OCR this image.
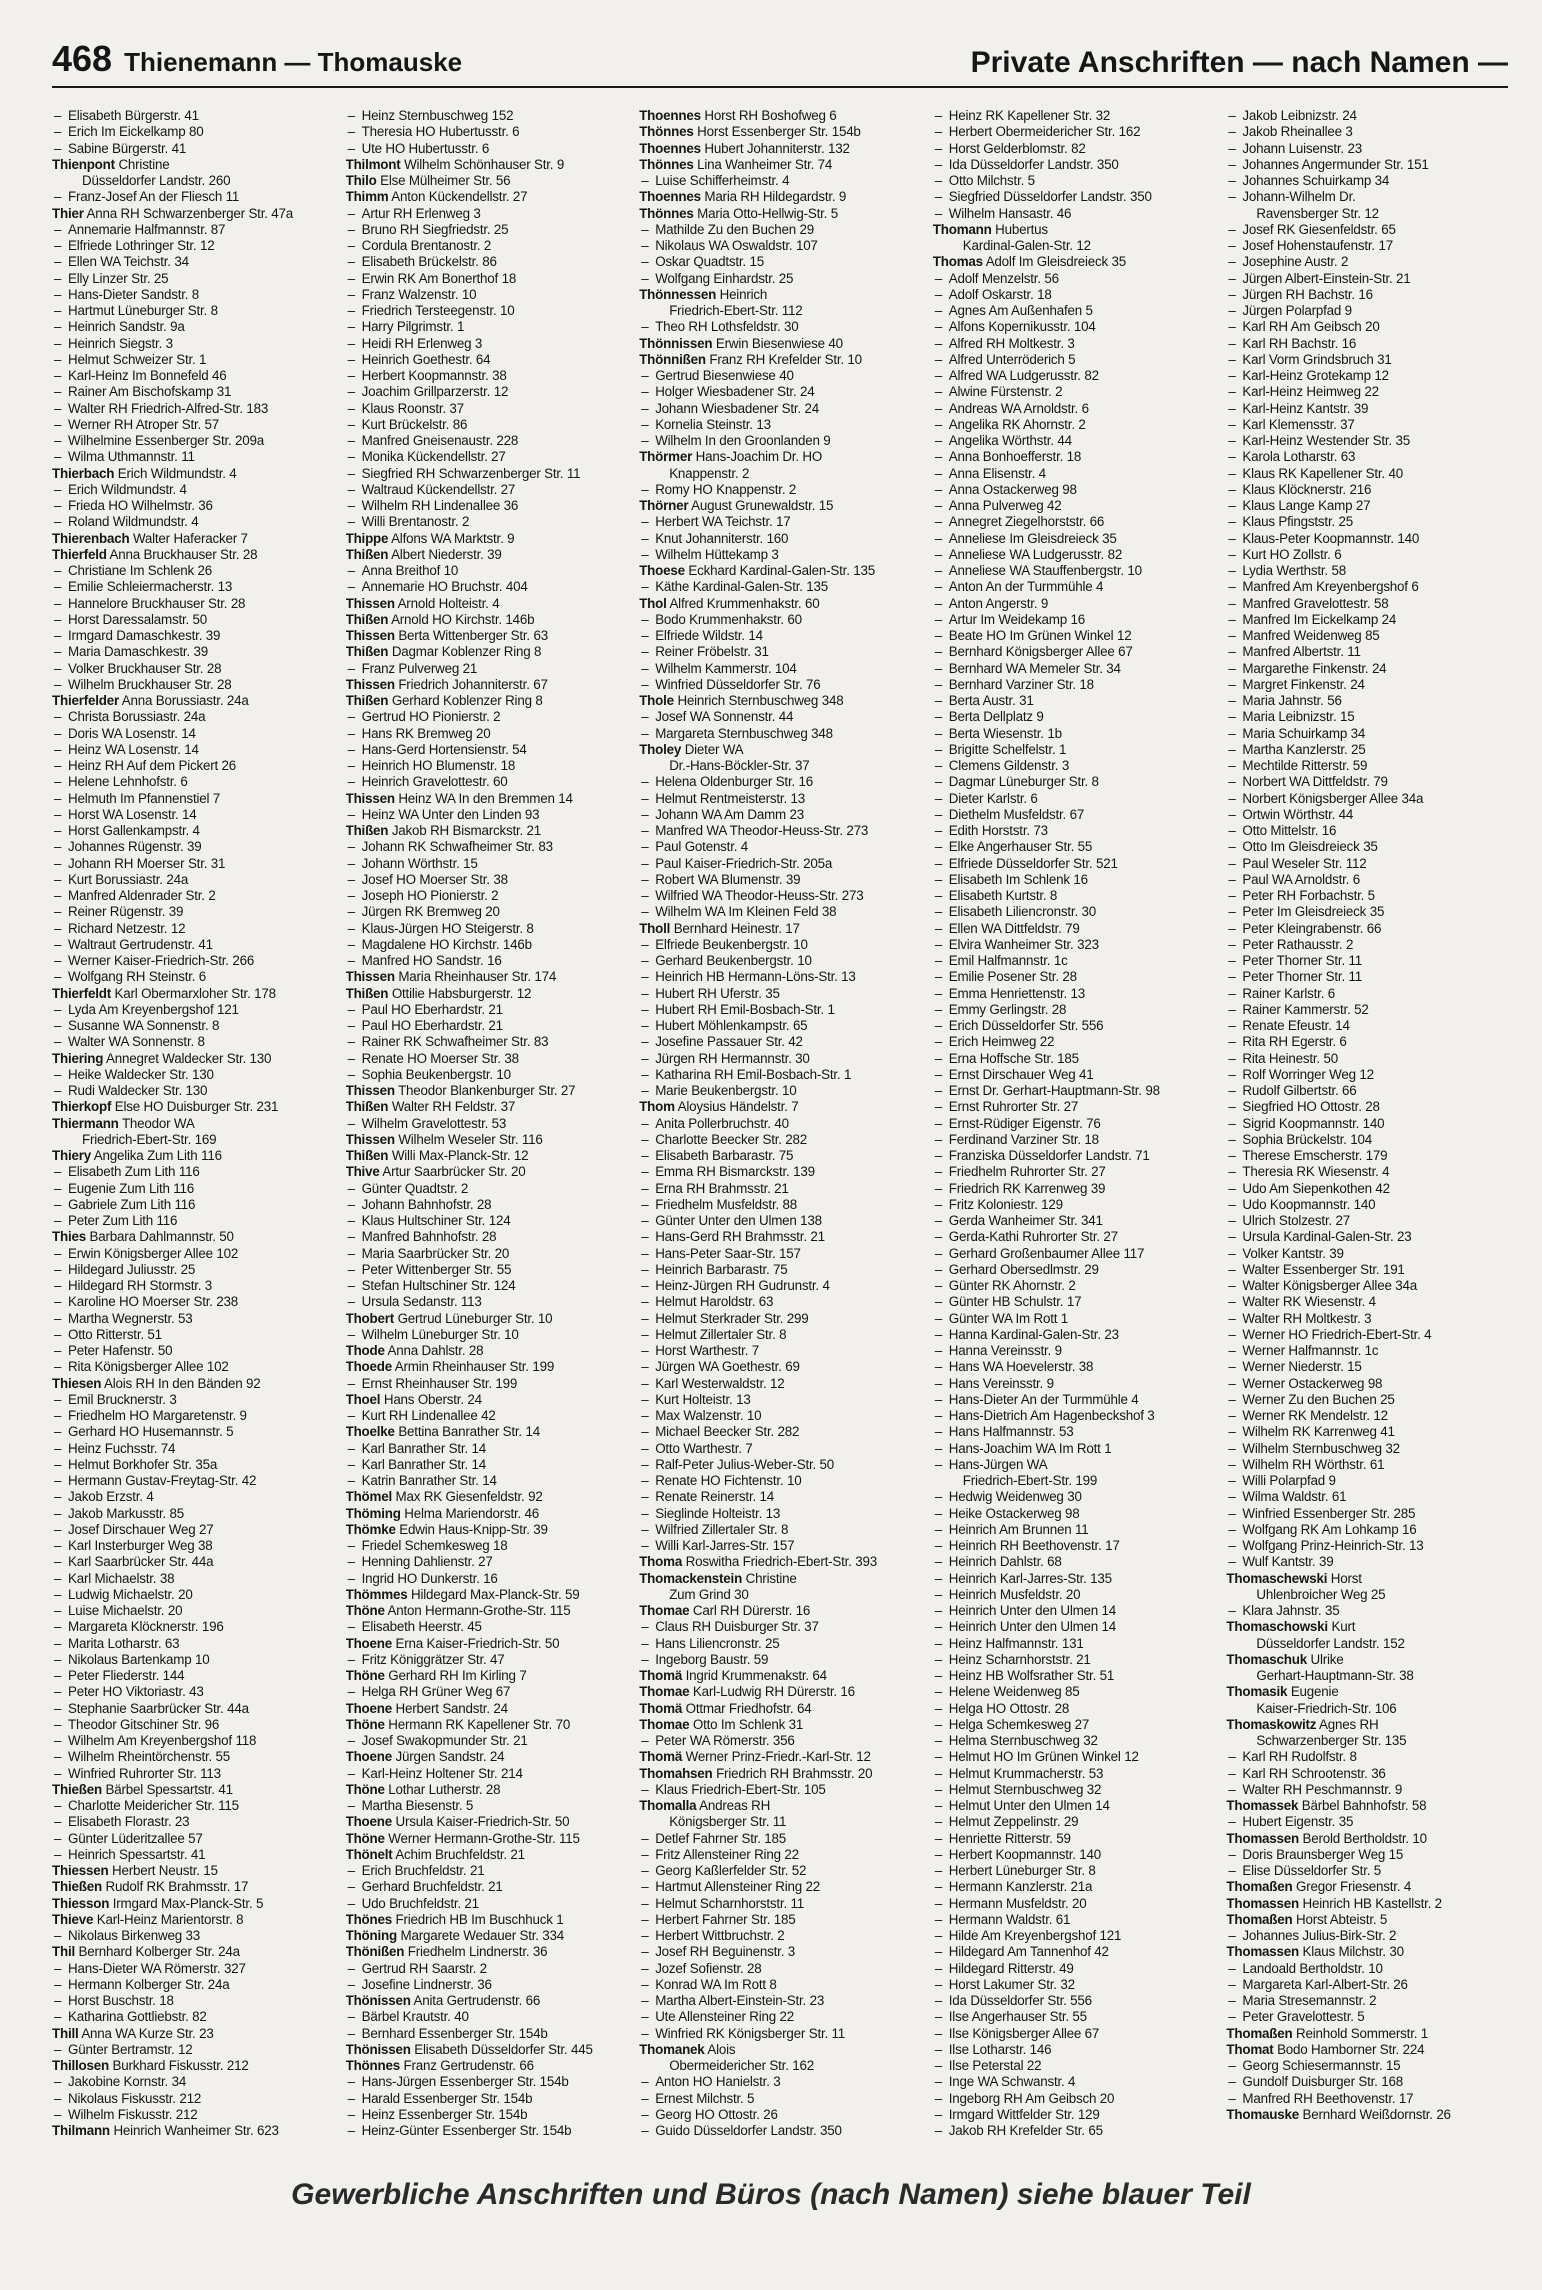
468 Thienemann — Thomauske	Private Anschriften — nach Namen —
– Elisabeth Bürgerstr. 41
– Erich Im Eickelkamp 80
– Sabine Bürgerstr. 41
Thienpont Christine
Düsseldorfer Landstr. 260
– Franz-Josef An der Fliesch 11
Thier Anna RH Schwarzenberger Str. 47a
– Annemarie Halfmannstr. 87
– Elfriede Lothringer Str. 12
– Ellen WA Teichstr. 34
– Elly Linzer Str. 25
– Hans-Dieter Sandstr. 8
– Hartmut Lüneburger Str. 8
– Heinrich Sandstr. 9a
– Heinrich Siegstr. 3
– Helmut Schweizer Str. 1
– Karl-Heinz Im Bonnefeld 46
– Rainer Am Bischofskamp 31
– Walter RH Friedrich-Alfred-Str. 183
– Werner RH Atroper Str. 57
– Wilhelmine Essenberger Str. 209a
– Wilma Uthmannstr. 11
Thierbach Erich Wildmundstr. 4
– Erich Wildmundstr. 4
– Frieda HO Wilhelmstr. 36
– Roland Wildmundstr. 4
Thierenbach Walter Haferacker 7
Thierfeld Anna Bruckhauser Str. 28
– Christiane Im Schlenk 26
– Emilie Schleiermacherstr. 13
– Hannelore Bruckhauser Str. 28
– Horst Daressalamstr. 50
– Irmgard Damaschkestr. 39
– Maria Damaschkestr. 39
– Volker Bruckhauser Str. 28
– Wilhelm Bruckhauser Str. 28
Thierfelder Anna Borussiastr. 24a
– Christa Borussiastr. 24a
– Doris WA Losenstr. 14
– Heinz WA Losenstr. 14
– Heinz RH Auf dem Pickert 26
– Helene Lehnhofstr. 6
– Helmuth Im Pfannenstiel 7
– Horst WA Losenstr. 14
– Horst Gallenkampstr. 4
– Johannes Rügenstr. 39
– Johann RH Moerser Str. 31
– Kurt Borussiastr. 24a
– Manfred Aldenrader Str. 2
– Reiner Rügenstr. 39
– Richard Netzestr. 12
– Waltraut Gertrudenstr. 41
– Werner Kaiser-Friedrich-Str. 266
– Wolfgang RH Steinstr. 6
Thierfeldt Karl Obermarxloher Str. 178
– Lyda Am Kreyenbergshof 121
– Susanne WA Sonnenstr. 8
– Walter WA Sonnenstr. 8
Thiering Annegret Waldecker Str. 130
– Heike Waldecker Str. 130
– Rudi Waldecker Str. 130
Thierkopf Else HO Duisburger Str. 231
Thiermann Theodor WA
Friedrich-Ebert-Str. 169
Thiery Angelika Zum Lith 116
– Elisabeth Zum Lith 116
– Eugenie Zum Lith 116
– Gabriele Zum Lith 116
– Peter Zum Lith 116
Thies Barbara Dahlmannstr. 50
– Erwin Königsberger Allee 102
– Hildegard Juliusstr. 25
– Hildegard RH Stormstr. 3
– Karoline HO Moerser Str. 238
– Martha Wegnerstr. 53
– Otto Ritterstr. 51
– Peter Hafenstr. 50
– Rita Königsberger Allee 102
Thiesen Alois RH In den Bänden 92
– Emil Brucknerstr. 3
– Friedhelm HO Margaretenstr. 9
– Gerhard HO Husemannstr. 5
– Heinz Fuchsstr. 74
– Helmut Borkhofer Str. 35a
– Hermann Gustav-Freytag-Str. 42
– Jakob Erzstr. 4
– Jakob Markusstr. 85
– Josef Dirschauer Weg 27
– Karl Insterburger Weg 38
– Karl Saarbrücker Str. 44a
– Karl Michaelstr. 38
– Ludwig Michaelstr. 20
– Luise Michaelstr. 20
– Margareta Klöcknerstr. 196
– Marita Lotharstr. 63
– Nikolaus Bartenkamp 10
– Peter Fliederstr. 144
– Peter HO Viktoriastr. 43
– Stephanie Saarbrücker Str. 44a
– Theodor Gitschiner Str. 96
– Wilhelm Am Kreyenbergshof 118
– Wilhelm Rheintörchenstr. 55
– Winfried Ruhrorter Str. 113
Thießen Bärbel Spessartstr. 41
– Charlotte Meidericher Str. 115
– Elisabeth Florastr. 23
– Günter Lüderitzallee 57
– Heinrich Spessartstr. 41
Thiessen Herbert Neustr. 15
Thießen Rudolf RK Brahmsstr. 17
Thiesson Irmgard Max-Planck-Str. 5
Thieve Karl-Heinz Marientorstr. 8
– Nikolaus Birkenweg 33
Thil Bernhard Kolberger Str. 24a
– Hans-Dieter WA Römerstr. 327
– Hermann Kolberger Str. 24a
– Horst Buschstr. 18
– Katharina Gottliebstr. 82
Thill Anna WA Kurze Str. 23
– Günter Bertramstr. 12
Thillosen Burkhard Fiskusstr. 212
– Jakobine Kornstr. 34
– Nikolaus Fiskusstr. 212
– Wilhelm Fiskusstr. 212
Thilmann Heinrich Wanheimer Str. 623
– Heinz Sternbuschweg 152
– Theresia HO Hubertusstr. 6
– Ute HO Hubertusstr. 6
Thilmont Wilhelm Schönhauser Str. 9
Thilo Else Mülheimer Str. 56
Thimm Anton Kückendellstr. 27
– Artur RH Erlenweg 3
– Bruno RH Siegfriedstr. 25
– Cordula Brentanostr. 2
– Elisabeth Brückelstr. 86
– Erwin RK Am Bonerthof 18
– Franz Walzenstr. 10
– Friedrich Tersteegenstr. 10
– Harry Pilgrimstr. 1
– Heidi RH Erlenweg 3
– Heinrich Goethestr. 64
– Herbert Koopmannstr. 38
– Joachim Grillparzerstr. 12
– Klaus Roonstr. 37
– Kurt Brückelstr. 86
– Manfred Gneisenaustr. 228
– Monika Kückendellstr. 27
– Siegfried RH Schwarzenberger Str. 11
– Waltraud Kückendellstr. 27
– Wilhelm RH Lindenallee 36
– Willi Brentanostr. 2
Thippe Alfons WA Marktstr. 9
Thißen Albert Niederstr. 39
– Anna Breithof 10
– Annemarie HO Bruchstr. 404
Thissen Arnold Holteistr. 4
Thißen Arnold HO Kirchstr. 146b
Thissen Berta Wittenberger Str. 63
Thißen Dagmar Koblenzer Ring 8
– Franz Pulverweg 21
Thissen Friedrich Johanniterstr. 67
Thißen Gerhard Koblenzer Ring 8
– Gertrud HO Pionierstr. 2
– Hans RK Bremweg 20
– Hans-Gerd Hortensienstr. 54
– Heinrich HO Blumenstr. 18
– Heinrich Gravelottestr. 60
Thissen Heinz WA In den Bremmen 14
– Heinz WA Unter den Linden 93
Thißen Jakob RH Bismarckstr. 21
– Johann RK Schwafheimer Str. 83
– Johann Wörthstr. 15
– Josef HO Moerser Str. 38
– Joseph HO Pionierstr. 2
– Jürgen RK Bremweg 20
– Klaus-Jürgen HO Steigerstr. 8
– Magdalene HO Kirchstr. 146b
– Manfred HO Sandstr. 16
Thissen Maria Rheinhauser Str. 174
Thißen Ottilie Habsburgerstr. 12
– Paul HO Eberhardstr. 21
– Paul HO Eberhardstr. 21
– Rainer RK Schwafheimer Str. 83
– Renate HO Moerser Str. 38
– Sophia Beukenbergstr. 10
Thissen Theodor Blankenburger Str. 27
Thißen Walter RH Feldstr. 37
– Wilhelm Gravelottestr. 53
Thissen Wilhelm Weseler Str. 116
Thißen Willi Max-Planck-Str. 12
Thive Artur Saarbrücker Str. 20
– Günter Quadtstr. 2
– Johann Bahnhofstr. 28
– Klaus Hultschiner Str. 124
– Manfred Bahnhofstr. 28
– Maria Saarbrücker Str. 20
– Peter Wittenberger Str. 55
– Stefan Hultschiner Str. 124
– Ursula Sedanstr. 113
Thobert Gertrud Lüneburger Str. 10
– Wilhelm Lüneburger Str. 10
Thode Anna Dahlstr. 28
Thoede Armin Rheinhauser Str. 199
– Ernst Rheinhauser Str. 199
Thoel Hans Oberstr. 24
– Kurt RH Lindenallee 42
Thoelke Bettina Banrather Str. 14
– Karl Banrather Str. 14
– Karl Banrather Str. 14
– Katrin Banrather Str. 14
Thömel Max RK Giesenfeldstr. 92
Thöming Helma Mariendorstr. 46
Thömke Edwin Haus-Knipp-Str. 39
– Friedel Schemkesweg 18
– Henning Dahlienstr. 27
– Ingrid HO Dunkerstr. 16
Thömmes Hildegard Max-Planck-Str. 59
Thöne Anton Hermann-Grothe-Str. 115
– Elisabeth Heerstr. 45
Thoene Erna Kaiser-Friedrich-Str. 50
– Fritz Königgrätzer Str. 47
Thöne Gerhard RH Im Kirling 7
– Helga RH Grüner Weg 67
Thoene Herbert Sandstr. 24
Thöne Hermann RK Kapellener Str. 70
– Josef Swakopmunder Str. 21
Thoene Jürgen Sandstr. 24
– Karl-Heinz Holtener Str. 214
Thöne Lothar Lutherstr. 28
– Martha Biesenstr. 5
Thoene Ursula Kaiser-Friedrich-Str. 50
Thöne Werner Hermann-Grothe-Str. 115
Thönelt Achim Bruchfeldstr. 21
– Erich Bruchfeldstr. 21
– Gerhard Bruchfeldstr. 21
– Udo Bruchfeldstr. 21
Thönes Friedrich HB Im Buschhuck 1
Thöning Margarete Wedauer Str. 334
Thönißen Friedhelm Lindnerstr. 36
– Gertrud RH Saarstr. 2
– Josefine Lindnerstr. 36
Thönissen Anita Gertrudenstr. 66
– Bärbel Krautstr. 40
– Bernhard Essenberger Str. 154b
Thönissen Elisabeth Düsseldorfer Str. 445
Thönnes Franz Gertrudenstr. 66
– Hans-Jürgen Essenberger Str. 154b
– Harald Essenberger Str. 154b
– Heinz Essenberger Str. 154b
– Heinz-Günter Essenberger Str. 154b
Thoennes Horst RH Boshofweg 6
Thönnes Horst Essenberger Str. 154b
Thoennes Hubert Johanniterstr. 132
Thönnes Lina Wanheimer Str. 74
– Luise Schifferheimstr. 4
Thoennes Maria RH Hildegardstr. 9
Thönnes Maria Otto-Hellwig-Str. 5
– Mathilde Zu den Buchen 29
– Nikolaus WA Oswaldstr. 107
– Oskar Quadtstr. 15
– Wolfgang Einhardstr. 25
Thönnessen Heinrich
Friedrich-Ebert-Str. 112
– Theo RH Lothsfeldstr. 30
Thönnissen Erwin Biesenwiese 40
Thönnißen Franz RH Krefelder Str. 10
– Gertrud Biesenwiese 40
– Holger Wiesbadener Str. 24
– Johann Wiesbadener Str. 24
– Kornelia Steinstr. 13
– Wilhelm In den Groonlanden 9
Thörmer Hans-Joachim Dr. HO
Knappenstr. 2
– Romy HO Knappenstr. 2
Thörner August Grunewaldstr. 15
– Herbert WA Teichstr. 17
– Knut Johanniterstr. 160
– Wilhelm Hüttekamp 3
Thoese Eckhard Kardinal-Galen-Str. 135
– Käthe Kardinal-Galen-Str. 135
Thol Alfred Krummenhakstr. 60
– Bodo Krummenhakstr. 60
– Elfriede Wildstr. 14
– Reiner Fröbelstr. 31
– Wilhelm Kammerstr. 104
– Winfried Düsseldorfer Str. 76
Thole Heinrich Sternbuschweg 348
– Josef WA Sonnenstr. 44
– Margareta Sternbuschweg 348
Tholey Dieter WA
Dr.-Hans-Böckler-Str. 37
– Helena Oldenburger Str. 16
– Helmut Rentmeisterstr. 13
– Johann WA Am Damm 23
– Manfred WA Theodor-Heuss-Str. 273
– Paul Gotenstr. 4
– Paul Kaiser-Friedrich-Str. 205a
– Robert WA Blumenstr. 39
– Wilfried WA Theodor-Heuss-Str. 273
– Wilhelm WA Im Kleinen Feld 38
Tholl Bernhard Heinestr. 17
– Elfriede Beukenbergstr. 10
– Gerhard Beukenbergstr. 10
– Heinrich HB Hermann-Löns-Str. 13
– Hubert RH Uferstr. 35
– Hubert RH Emil-Bosbach-Str. 1
– Hubert Möhlenkampstr. 65
– Josefine Passauer Str. 42
– Jürgen RH Hermannstr. 30
– Katharina RH Emil-Bosbach-Str. 1
– Marie Beukenbergstr. 10
Thom Aloysius Händelstr. 7
– Anita Pollerbruchstr. 40
– Charlotte Beecker Str. 282
– Elisabeth Barbarastr. 75
– Emma RH Bismarckstr. 139
– Erna RH Brahmsstr. 21
– Friedhelm Musfeldstr. 88
– Günter Unter den Ulmen 138
– Hans-Gerd RH Brahmsstr. 21
– Hans-Peter Saar-Str. 157
– Heinrich Barbarastr. 75
– Heinz-Jürgen RH Gudrunstr. 4
– Helmut Haroldstr. 63
– Helmut Sterkrader Str. 299
– Helmut Zillertaler Str. 8
– Horst Warthestr. 7
– Jürgen WA Goethestr. 69
– Karl Westerwaldstr. 12
– Kurt Holteistr. 13
– Max Walzenstr. 10
– Michael Beecker Str. 282
– Otto Warthestr. 7
– Ralf-Peter Julius-Weber-Str. 50
– Renate HO Fichtenstr. 10
– Renate Reinerstr. 14
– Sieglinde Holteistr. 13
– Wilfried Zillertaler Str. 8
– Willi Karl-Jarres-Str. 157
Thoma Roswitha Friedrich-Ebert-Str. 393
Thomackenstein Christine
Zum Grind 30
Thomae Carl RH Dürerstr. 16
– Claus RH Duisburger Str. 37
– Hans Liliencronstr. 25
– Ingeborg Baustr. 59
Thomä Ingrid Krummenakstr. 64
Thomae Karl-Ludwig RH Dürerstr. 16
Thomä Ottmar Friedhofstr. 64
Thomae Otto Im Schlenk 31
– Peter WA Römerstr. 356
Thomä Werner Prinz-Friedr.-Karl-Str. 12
Thomahsen Friedrich RH Brahmsstr. 20
– Klaus Friedrich-Ebert-Str. 105
Thomalla Andreas RH
Königsberger Str. 11
– Detlef Fahrner Str. 185
– Fritz Allensteiner Ring 22
– Georg Kaßlerfelder Str. 52
– Hartmut Allensteiner Ring 22
– Helmut Scharnhorststr. 11
– Herbert Fahrner Str. 185
– Herbert Wittbruchstr. 2
– Josef RH Beguinenstr. 3
– Jozef Sofienstr. 28
– Konrad WA Im Rott 8
– Martha Albert-Einstein-Str. 23
– Ute Allensteiner Ring 22
– Winfried RK Königsberger Str. 11
Thomanek Alois
Obermeidericher Str. 162
– Anton HO Hanielstr. 3
– Ernest Milchstr. 5
– Georg HO Ottostr. 26
– Guido Düsseldorfer Landstr. 350
– Heinz RK Kapellener Str. 32
– Herbert Obermeidericher Str. 162
– Horst Gelderblomstr. 82
– Ida Düsseldorfer Landstr. 350
– Otto Milchstr. 5
– Siegfried Düsseldorfer Landstr. 350
– Wilhelm Hansastr. 46
Thomann Hubertus
Kardinal-Galen-Str. 12
Thomas Adolf Im Gleisdreieck 35
– Adolf Menzelstr. 56
– Adolf Oskarstr. 18
– Agnes Am Außenhafen 5
– Alfons Kopernikusstr. 104
– Alfred RH Moltkestr. 3
– Alfred Unterröderich 5
– Alfred WA Ludgerusstr. 82
– Alwine Fürstenstr. 2
– Andreas WA Arnoldstr. 6
– Angelika RK Ahornstr. 2
– Angelika Wörthstr. 44
– Anna Bonhoefferstr. 18
– Anna Elisenstr. 4
– Anna Ostackerweg 98
– Anna Pulverweg 42
– Annegret Ziegelhorststr. 66
– Anneliese Im Gleisdreieck 35
– Anneliese WA Ludgerusstr. 82
– Anneliese WA Stauffenbergstr. 10
– Anton An der Turmmühle 4
– Anton Angerstr. 9
– Artur Im Weidekamp 16
– Beate HO Im Grünen Winkel 12
– Bernhard Königsberger Allee 67
– Bernhard WA Memeler Str. 34
– Bernhard Varziner Str. 18
– Berta Austr. 31
– Berta Dellplatz 9
– Berta Wiesenstr. 1b
– Brigitte Schelfelstr. 1
– Clemens Gildenstr. 3
– Dagmar Lüneburger Str. 8
– Dieter Karlstr. 6
– Diethelm Musfeldstr. 67
– Edith Horststr. 73
– Elke Angerhauser Str. 55
– Elfriede Düsseldorfer Str. 521
– Elisabeth Im Schlenk 16
– Elisabeth Kurtstr. 8
– Elisabeth Liliencronstr. 30
– Ellen WA Dittfeldstr. 79
– Elvira Wanheimer Str. 323
– Emil Halfmannstr. 1c
– Emilie Posener Str. 28
– Emma Henriettenstr. 13
– Emmy Gerlingstr. 28
– Erich Düsseldorfer Str. 556
– Erich Heimweg 22
– Erna Hoffsche Str. 185
– Ernst Dirschauer Weg 41
– Ernst Dr. Gerhart-Hauptmann-Str. 98
– Ernst Ruhrorter Str. 27
– Ernst-Rüdiger Eigenstr. 76
– Ferdinand Varziner Str. 18
– Franziska Düsseldorfer Landstr. 71
– Friedhelm Ruhrorter Str. 27
– Friedrich RK Karrenweg 39
– Fritz Koloniestr. 129
– Gerda Wanheimer Str. 341
– Gerda-Kathi Ruhrorter Str. 27
– Gerhard Großenbaumer Allee 117
– Gerhard Obersedlmstr. 29
– Günter RK Ahornstr. 2
– Günter HB Schulstr. 17
– Günter WA Im Rott 1
– Hanna Kardinal-Galen-Str. 23
– Hanna Vereinsstr. 9
– Hans WA Hoevelerstr. 38
– Hans Vereinsstr. 9
– Hans-Dieter An der Turmmühle 4
– Hans-Dietrich Am Hagenbeckshof 3
– Hans Halfmannstr. 53
– Hans-Joachim WA Im Rott 1
– Hans-Jürgen WA
Friedrich-Ebert-Str. 199
– Hedwig Weidenweg 30
– Heike Ostackerweg 98
– Heinrich Am Brunnen 11
– Heinrich RH Beethovenstr. 17
– Heinrich Dahlstr. 68
– Heinrich Karl-Jarres-Str. 135
– Heinrich Musfeldstr. 20
– Heinrich Unter den Ulmen 14
– Heinrich Unter den Ulmen 14
– Heinz Halfmannstr. 131
– Heinz Scharnhorststr. 21
– Heinz HB Wolfsrather Str. 51
– Helene Weidenweg 85
– Helga HO Ottostr. 28
– Helga Schemkesweg 27
– Helma Sternbuschweg 32
– Helmut HO Im Grünen Winkel 12
– Helmut Krummacherstr. 53
– Helmut Sternbuschweg 32
– Helmut Unter den Ulmen 14
– Helmut Zeppelinstr. 29
– Henriette Ritterstr. 59
– Herbert Koopmannstr. 140
– Herbert Lüneburger Str. 8
– Hermann Kanzlerstr. 21a
– Hermann Musfeldstr. 20
– Hermann Waldstr. 61
– Hilde Am Kreyenbergshof 121
– Hildegard Am Tannenhof 42
– Hildegard Ritterstr. 49
– Horst Lakumer Str. 32
– Ida Düsseldorfer Str. 556
– Ilse Angerhauser Str. 55
– Ilse Königsberger Allee 67
– Ilse Lotharstr. 146
– Ilse Peterstal 22
– Inge WA Schwanstr. 4
– Ingeborg RH Am Geibsch 20
– Irmgard Wittfelder Str. 129
– Jakob RH Krefelder Str. 65
– Jakob Leibnizstr. 24
– Jakob Rheinallee 3
– Johann Luisenstr. 23
– Johannes Angermunder Str. 151
– Johannes Schuirkamp 34
– Johann-Wilhelm Dr.
Ravensberger Str. 12
– Josef RK Giesenfeldstr. 65
– Josef Hohenstaufenstr. 17
– Josephine Austr. 2
– Jürgen Albert-Einstein-Str. 21
– Jürgen RH Bachstr. 16
– Jürgen Polarpfad 9
– Karl RH Am Geibsch 20
– Karl RH Bachstr. 16
– Karl Vorm Grindsbruch 31
– Karl-Heinz Grotekamp 12
– Karl-Heinz Heimweg 22
– Karl-Heinz Kantstr. 39
– Karl Klemensstr. 37
– Karl-Heinz Westender Str. 35
– Karola Lotharstr. 63
– Klaus RK Kapellener Str. 40
– Klaus Klöcknerstr. 216
– Klaus Lange Kamp 27
– Klaus Pfingststr. 25
– Klaus-Peter Koopmannstr. 140
– Kurt HO Zollstr. 6
– Lydia Werthstr. 58
– Manfred Am Kreyenbergshof 6
– Manfred Gravelottestr. 58
– Manfred Im Eickelkamp 24
– Manfred Weidenweg 85
– Manfred Albertstr. 11
– Margarethe Finkenstr. 24
– Margret Finkenstr. 24
– Maria Jahnstr. 56
– Maria Leibnizstr. 15
– Maria Schuirkamp 34
– Martha Kanzlerstr. 25
– Mechtilde Ritterstr. 59
– Norbert WA Dittfeldstr. 79
– Norbert Königsberger Allee 34a
– Ortwin Wörthstr. 44
– Otto Mittelstr. 16
– Otto Im Gleisdreieck 35
– Paul Weseler Str. 112
– Paul WA Arnoldstr. 6
– Peter RH Forbachstr. 5
– Peter Im Gleisdreieck 35
– Peter Kleingrabenstr. 66
– Peter Rathausstr. 2
– Peter Thorner Str. 11
– Peter Thorner Str. 11
– Rainer Karlstr. 6
– Rainer Kammerstr. 52
– Renate Efeustr. 14
– Rita RH Egerstr. 6
– Rita Heinestr. 50
– Rolf Worringer Weg 12
– Rudolf Gilbertstr. 66
– Siegfried HO Ottostr. 28
– Sigrid Koopmannstr. 140
– Sophia Brückelstr. 104
– Therese Emscherstr. 179
– Theresia RK Wiesenstr. 4
– Udo Am Siepenkothen 42
– Udo Koopmannstr. 140
– Ulrich Stolzestr. 27
– Ursula Kardinal-Galen-Str. 23
– Volker Kantstr. 39
– Walter Essenberger Str. 191
– Walter Königsberger Allee 34a
– Walter RK Wiesenstr. 4
– Walter RH Moltkestr. 3
– Werner HO Friedrich-Ebert-Str. 4
– Werner Halfmannstr. 1c
– Werner Niederstr. 15
– Werner Ostackerweg 98
– Werner Zu den Buchen 25
– Werner RK Mendelstr. 12
– Wilhelm RK Karrenweg 41
– Wilhelm Sternbuschweg 32
– Wilhelm RH Wörthstr. 61
– Willi Polarpfad 9
– Wilma Waldstr. 61
– Winfried Essenberger Str. 285
– Wolfgang RK Am Lohkamp 16
– Wolfgang Prinz-Heinrich-Str. 13
– Wulf Kantstr. 39
Thomaschewski Horst
Uhlenbroicher Weg 25
– Klara Jahnstr. 35
Thomaschowski Kurt
Düsseldorfer Landstr. 152
Thomaschuk Ulrike
Gerhart-Hauptmann-Str. 38
Thomasik Eugenie
Kaiser-Friedrich-Str. 106
Thomaskowitz Agnes RH
Schwarzenberger Str. 135
– Karl RH Rudolfstr. 8
– Karl RH Schrootenstr. 36
– Walter RH Peschmannstr. 9
Thomassek Bärbel Bahnhofstr. 58
– Hubert Eigenstr. 35
Thomassen Berold Bertholdstr. 10
– Doris Braunsberger Weg 15
– Elise Düsseldorfer Str. 5
Thomaßen Gregor Friesenstr. 4
Thomassen Heinrich HB Kastellstr. 2
Thomaßen Horst Abteistr. 5
– Johannes Julius-Birk-Str. 2
Thomassen Klaus Milchstr. 30
– Landoald Bertholdstr. 10
– Margareta Karl-Albert-Str. 26
– Maria Stresemannstr. 2
– Peter Gravelottestr. 5
Thomaßen Reinhold Sommerstr. 1
Thomat Bodo Hamborner Str. 224
– Georg Schiesermannstr. 15
– Gundolf Duisburger Str. 168
– Manfred RH Beethovenstr. 17
Thomauske Bernhard Weißdornstr. 26
Gewerbliche Anschriften und Büros (nach Namen) siehe blauer Teil
